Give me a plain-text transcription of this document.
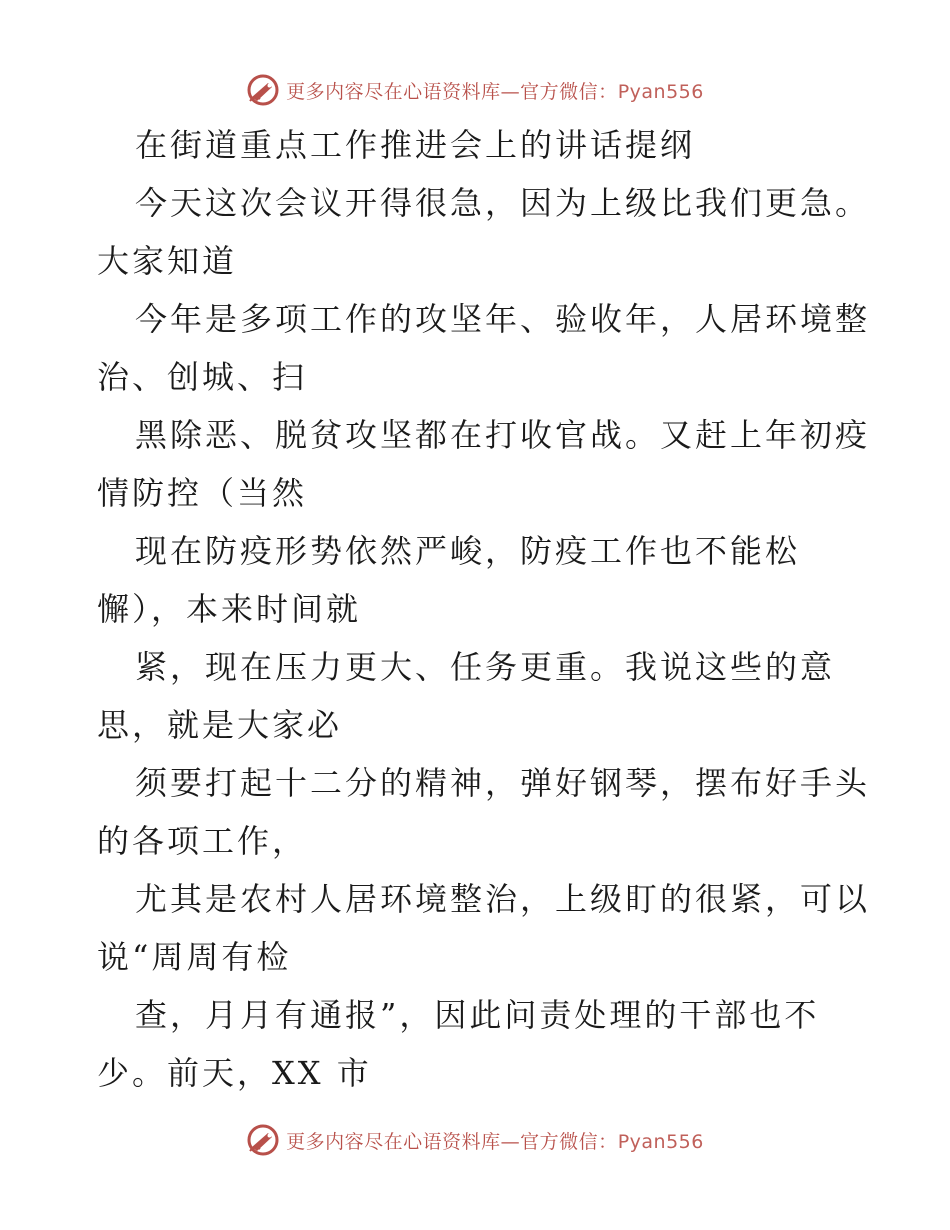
更多内容尽在心语资料库—官方微信：Pyan556
在街道重点工作推进会上的讲话提纲
今天这次会议开得很急，因为上级比我们更急。
大家知道
今年是多项工作的攻坚年、验收年，人居环境整
治、创城、扫
黑除恶、脱贫攻坚都在打收官战。又赶上年初疫
情防控（当然
现在防疫形势依然严峻，防疫工作也不能松
懈），本来时间就
紧，现在压力更大、任务更重。我说这些的意
思，就是大家必
须要打起十二分的精神，弹好钢琴，摆布好手头
的各项工作，
尤其是农村人居环境整治，上级盯的很紧，可以
说“周周有检
查，月月有通报”，因此问责处理的干部也不
少。前天，XX 市
更多内容尽在心语资料库—官方微信：Pyan556
